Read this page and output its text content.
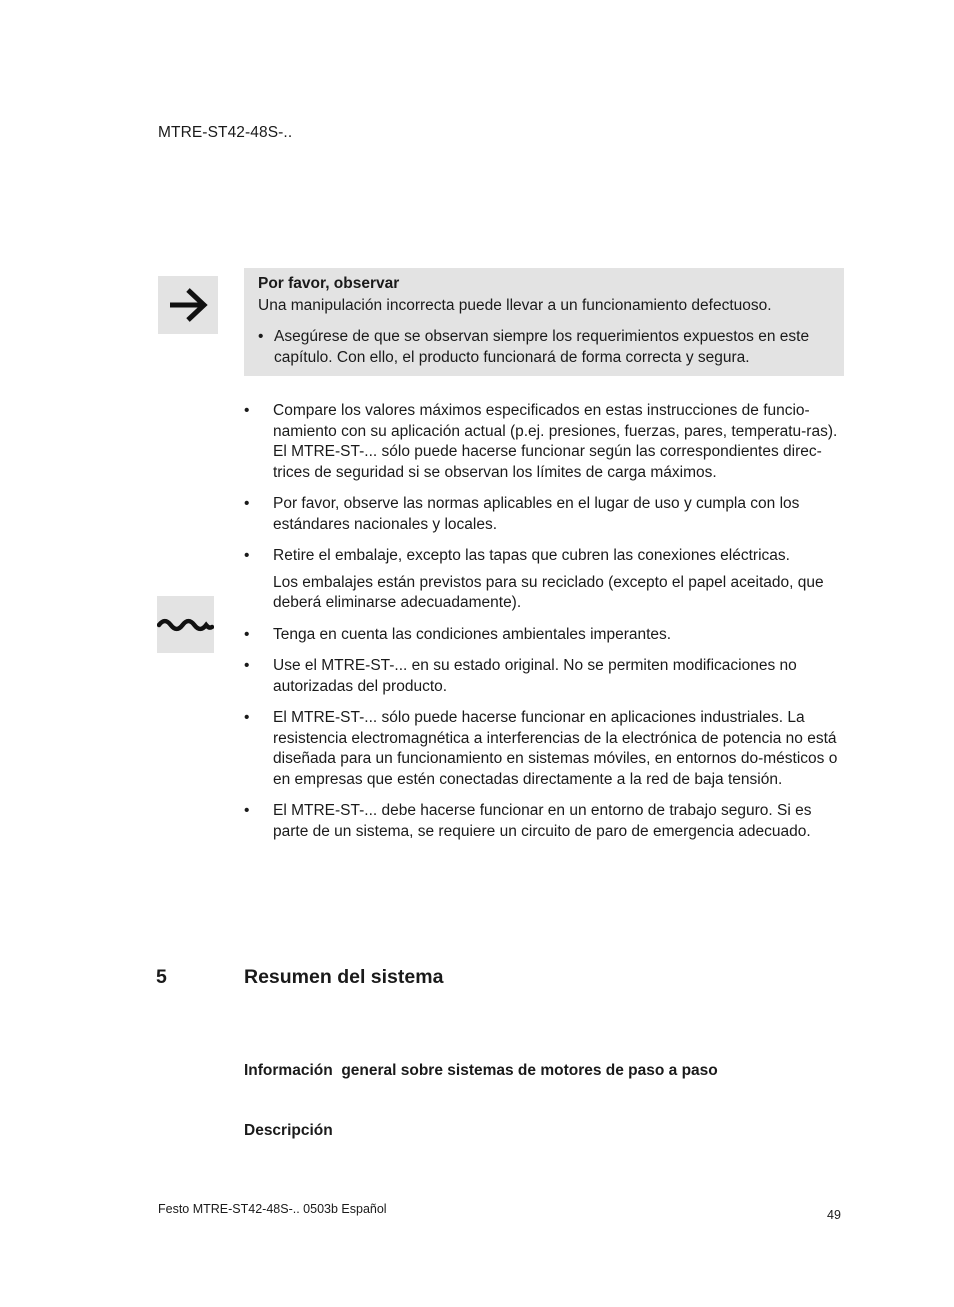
MTRE-ST42-48S-..
Por favor, observar
Una manipulación incorrecta puede llevar a un funcionamiento defectuoso.
• Asegúrese de que se observan siempre los requerimientos expuestos en este capítulo. Con ello, el producto funcionará de forma correcta y segura.
•	Compare los valores máximos especificados en estas instrucciones de funcio-namiento con su aplicación actual (p.ej. presiones, fuerzas, pares, temperatu-ras).

El MTRE-ST-... sólo puede hacerse funcionar según las correspondientes direc-trices de seguridad si se observan los límites de carga máximos.

•	Por favor, observe las normas aplicables en el lugar de uso y cumpla con los estándares nacionales y locales.

•	Retire el embalaje, excepto las tapas que cubren las conexiones eléctricas.

Los embalajes están previstos para su reciclado (excepto el papel aceitado, que deberá eliminarse adecuadamente).

•	Tenga en cuenta las condiciones ambientales imperantes.

•	Use el MTRE-ST-... en su estado original. No se permiten modificaciones no autorizadas del producto.

•	El MTRE-ST-... sólo puede hacerse funcionar en aplicaciones industriales. La resistencia electromagnética a interferencias de la electrónica de potencia no está diseñada para un funcionamiento en sistemas móviles, en entornos do-mésticos o en empresas que estén conectadas directamente a la red de baja tensión.

•	El MTRE-ST-... debe hacerse funcionar en un entorno de trabajo seguro. Si es parte de un sistema, se requiere un circuito de paro de emergencia adecuado.

5	Resumen del sistema
Información  general sobre sistemas de motores de paso a paso
Descripción
Festo MTRE-ST42-48S-.. 0503b Español	49
